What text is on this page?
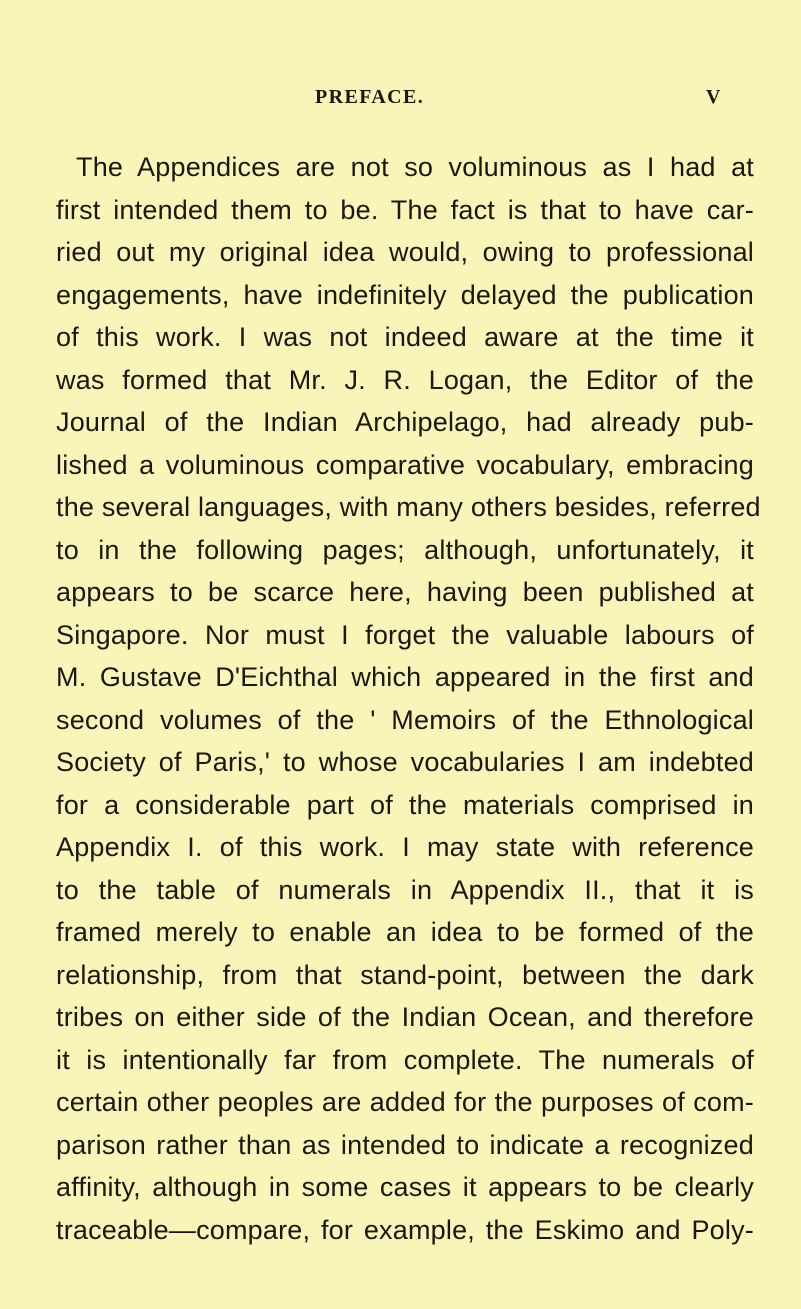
PREFACE.	V
The Appendices are not so voluminous as I had at
first intended them to be. The fact is that to have car-
ried out my original idea would, owing to professional
engagements, have indefinitely delayed the publication
of this work. I was not indeed aware at the time it
was formed that Mr. J. R. Logan, the Editor of the
Journal of the Indian Archipelago, had already pub-
lished a voluminous comparative vocabulary, embracing
the several languages, with many others besides, referred
to in the following pages; although, unfortunately, it
appears to be scarce here, having been published at
Singapore. Nor must I forget the valuable labours of
M. Gustave D'Eichthal which appeared in the first and
second volumes of the ' Memoirs of the Ethnological
Society of Paris,' to whose vocabularies I am indebted
for a considerable part of the materials comprised in
Appendix I. of this work. I may state with reference
to the table of numerals in Appendix II., that it is
framed merely to enable an idea to be formed of the
relationship, from that stand-point, between the dark
tribes on either side of the Indian Ocean, and therefore
it is intentionally far from complete. The numerals of
certain other peoples are added for the purposes of com-
parison rather than as intended to indicate a recognized
affinity, although in some cases it appears to be clearly
traceable—compare, for example, the Eskimo and Poly-
